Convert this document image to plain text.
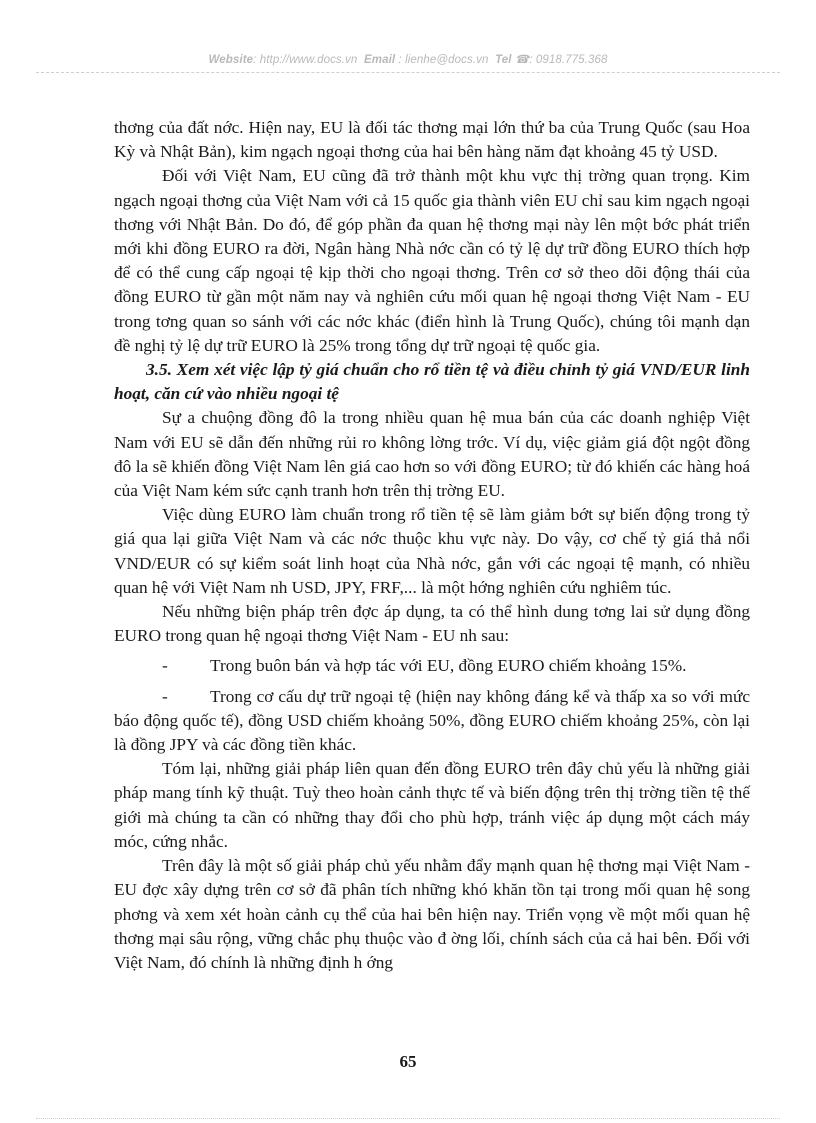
Website: http://www.docs.vn Email : lienhe@docs.vn Tel ☎: 0918.775.368

thơng của đất nớc. Hiện nay, EU là đối tác thơng mại lớn thứ ba của Trung Quốc (sau Hoa Kỳ và Nhật Bản), kim ngạch ngoại thơng của hai bên hàng năm đạt khoảng 45 tỷ USD.

Đối với Việt Nam, EU cũng đã trở thành một khu vực thị trờng quan trọng. Kim ngạch ngoại thơng của Việt Nam với cả 15 quốc gia thành viên EU chỉ sau kim ngạch ngoại thơng với Nhật Bản. Do đó, để góp phần đa quan hệ thơng mại này lên một bớc phát triển mới khi đồng EURO ra đời, Ngân hàng Nhà nớc cần có tỷ lệ dự trữ đồng EURO thích hợp để có thể cung cấp ngoại tệ kịp thời cho ngoại thơng. Trên cơ sở theo dõi động thái của đồng EURO từ gần một năm nay và nghiên cứu mối quan hệ ngoại thơng Việt Nam - EU trong tơng quan so sánh với các nớc khác (điển hình là Trung Quốc), chúng tôi mạnh dạn đề nghị tỷ lệ dự trữ EURO là 25% trong tổng dự trữ ngoại tệ quốc gia.

3.5. Xem xét việc lập tỷ giá chuẩn cho rổ tiền tệ và điều chỉnh tỷ giá VND/EUR linh hoạt, căn cứ vào nhiều ngoại tệ

Sự a chuộng đồng đô la trong nhiều quan hệ mua bán của các doanh nghiệp Việt Nam với EU sẽ dẫn đến những rủi ro không lờng trớc. Ví dụ, việc giảm giá đột ngột đồng đô la sẽ khiến đồng Việt Nam lên giá cao hơn so với đồng EURO; từ đó khiến các hàng hoá của Việt Nam kém sức cạnh tranh hơn trên thị trờng EU.

Việc dùng EURO làm chuẩn trong rổ tiền tệ sẽ làm giảm bớt sự biến động trong tỷ giá qua lại giữa Việt Nam và các nớc thuộc khu vực này. Do vậy, cơ chế tỷ giá thả nổi VND/EUR có sự kiểm soát linh hoạt của Nhà nớc, gắn với các ngoại tệ mạnh, có nhiều quan hệ với Việt Nam nh USD, JPY, FRF,... là một hớng nghiên cứu nghiêm túc.

Nếu những biện pháp trên đợc áp dụng, ta có thể hình dung tơng lai sử dụng đồng EURO trong quan hệ ngoại thơng Việt Nam - EU nh sau:

-	Trong buôn bán và hợp tác với EU, đồng EURO chiếm khoảng 15%.

-	Trong cơ cấu dự trữ ngoại tệ (hiện nay không đáng kể và thấp xa so với mức báo động quốc tế), đồng USD chiếm khoảng 50%, đồng EURO chiếm khoảng 25%, còn lại là đồng JPY và các đồng tiền khác.

Tóm lại, những giải pháp liên quan đến đồng EURO trên đây chủ yếu là những giải pháp mang tính kỹ thuật. Tuỳ theo hoàn cảnh thực tế và biến động trên thị trờng tiền tệ thế giới mà chúng ta cần có những thay đổi cho phù hợp, tránh việc áp dụng một cách máy móc, cứng nhắc.

Trên đây là một số giải pháp chủ yếu nhằm đẩy mạnh quan hệ thơng mại Việt Nam - EU đợc xây dựng trên cơ sở đã phân tích những khó khăn tồn tại trong mối quan hệ song phơng và xem xét hoàn cảnh cụ thể của hai bên hiện nay. Triển vọng về một mối quan hệ thơng mại sâu rộng, vững chắc phụ thuộc vào đ ờng lối, chính sách của cả hai bên. Đối với Việt Nam, đó chính là những định h ớng

65
